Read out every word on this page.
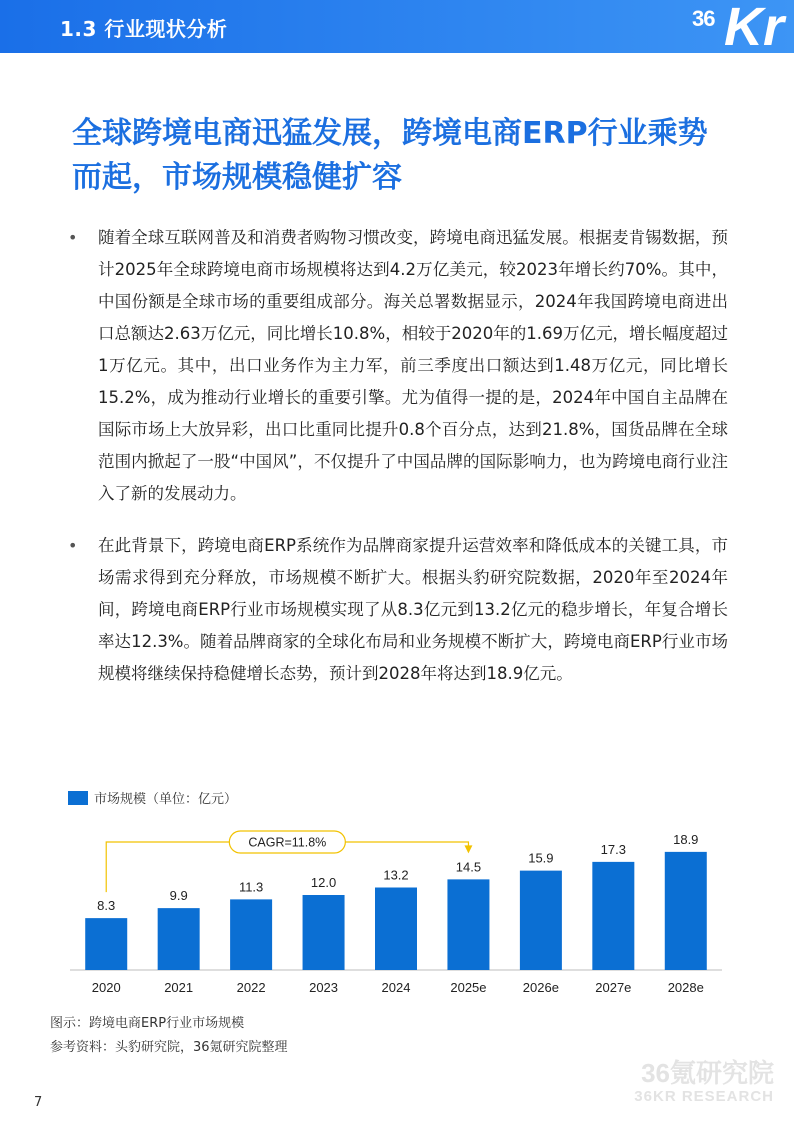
1.3 行业现状分析	36 Kr
全球跨境电商迅猛发展，跨境电商ERP行业乘势而起，市场规模稳健扩容
• 随着全球互联网普及和消费者购物习惯改变，跨境电商迅猛发展。根据麦肯锡数据，预计2025年全球跨境电商市场规模将达到4.2万亿美元，较2023年增长约70%。其中，中国份额是全球市场的重要组成部分。海关总署数据显示，2024年我国跨境电商进出口总额达2.63万亿元，同比增长10.8%，相较于2020年的1.69万亿元，增长幅度超过1万亿元。其中，出口业务作为主力军，前三季度出口额达到1.48万亿元，同比增长15.2%，成为推动行业增长的重要引擎。尤为值得一提的是，2024年中国自主品牌在国际市场上大放异彩，出口比重同比提升0.8个百分点，达到21.8%，国货品牌在全球范围内掀起了一股“中国风”，不仅提升了中国品牌的国际影响力，也为跨境电商行业注入了新的发展动力。

• 在此背景下，跨境电商ERP系统作为品牌商家提升运营效率和降低成本的关键工具，市场需求得到充分释放，市场规模不断扩大。根据头豹研究院数据，2020年至2024年间，跨境电商ERP行业市场规模实现了从8.3亿元到13.2亿元的稳步增长，年复合增长率达12.3%。随着品牌商家的全球化布局和业务规模不断扩大，跨境电商ERP行业市场规模将继续保持稳健增长态势，预计到2028年将达到18.9亿元。

市场规模（单位：亿元）
8.3
2020
9.9
2021
11.3
2022
12.0
2023
13.2
2024
14.5
2025e
15.9
2026e
17.3
2027e
18.9
2028e
CAGR=11.8%
图示：跨境电商ERP行业市场规模
参考资料：头豹研究院，36氪研究院整理
36氪研究院
36KR RESEARCH
7
